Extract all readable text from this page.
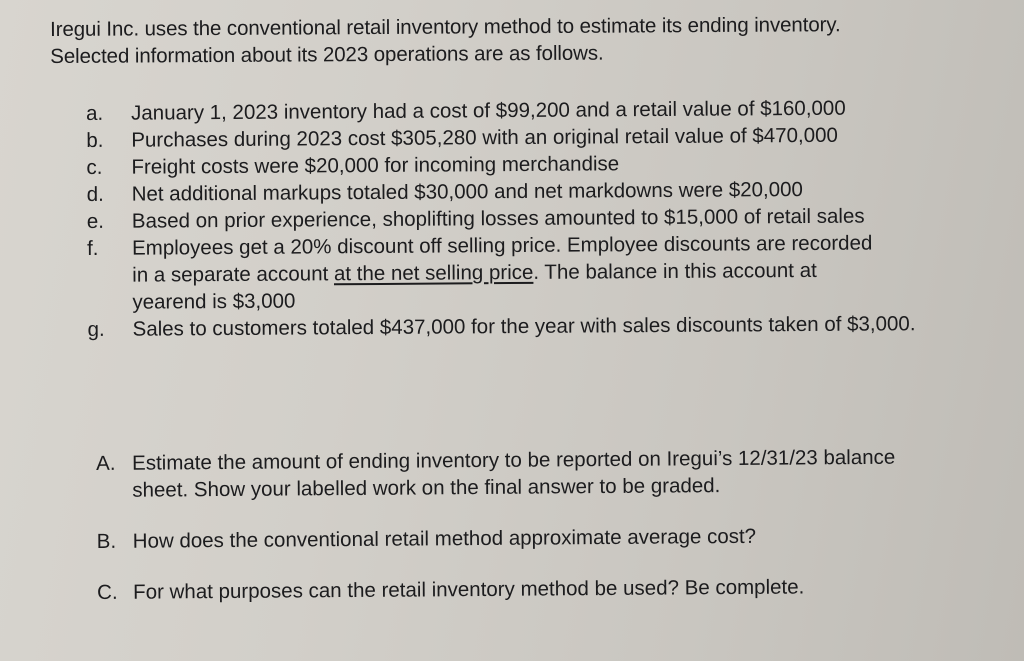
Iregui Inc. uses the conventional retail inventory method to estimate its ending inventory.
Selected information about its 2023 operations are as follows.
a.	January 1, 2023 inventory had a cost of $99,200 and a retail value of $160,000
b.	Purchases during 2023 cost $305,280 with an original retail value of $470,000
c.	Freight costs were $20,000 for incoming merchandise
d.	Net additional markups totaled $30,000 and net markdowns were $20,000
e.	Based on prior experience, shoplifting losses amounted to $15,000 of retail sales
f.	Employees get a 20% discount off selling price. Employee discounts are recorded in a separate account at the net selling price. The balance in this account at yearend is $3,000
g.	Sales to customers totaled $437,000 for the year with sales discounts taken of $3,000.
A. Estimate the amount of ending inventory to be reported on Iregui’s 12/31/23 balance sheet. Show your labelled work on the final answer to be graded.
B. How does the conventional retail method approximate average cost?
C. For what purposes can the retail inventory method be used? Be complete.
